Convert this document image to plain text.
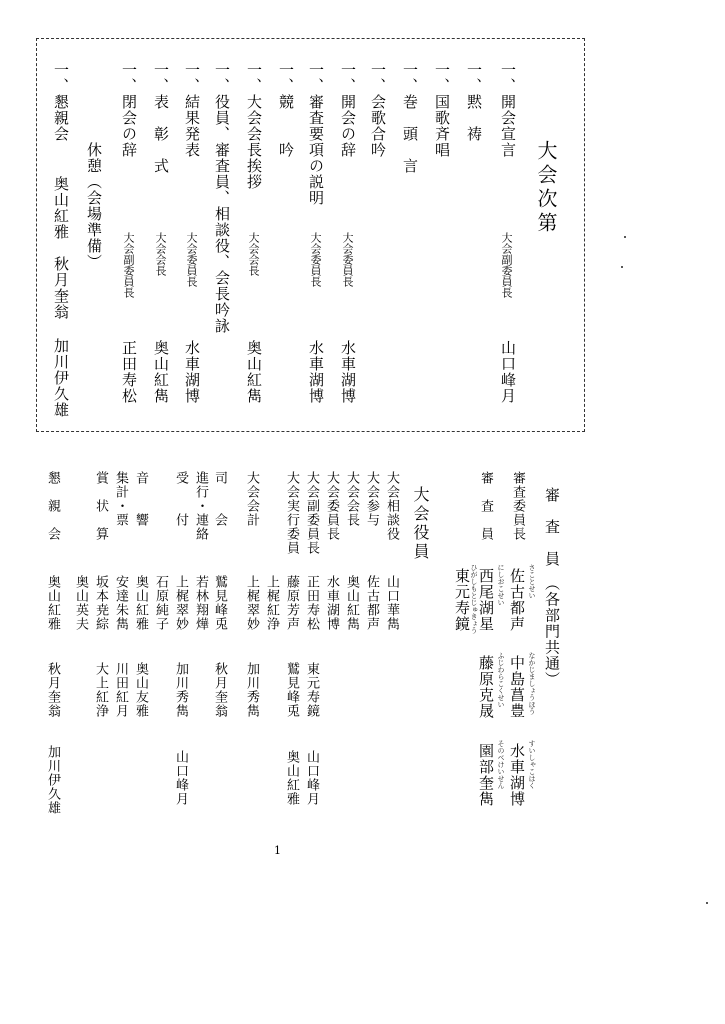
大会次第
一、開会宣言
大会副委員長
山口峰月
一、黙　祷
一、国歌斉唱
一、巻　頭　言
一、会歌合吟
一、開会の辞
大会委員長
水車湖博
一、審査要項の説明
大会委員長
水車湖博
一、競　　吟
一、大会会長挨拶
大会会長
奥山紅雋
一、役員、審査員、相談役、会長吟詠
一、結果発表
大会委員長
水車湖博
一、表　彰　式
大会会長
奥山紅雋
一、閉会の辞
大会副委員長
正田寿松
休憩（会場準備）
一、懇親会
奥山紅雅
秋月奎翁
加川伊久雄
審　査　員　（各部門共通）
審査委員長
佐古都声 さことせい
中島菖豊 なかじましょうほう
水車湖博 すいしゃこはく
審　査　員
西尾湖星 にしおこせい
藤原克晟 ふじわらこくせい
園部奎雋 そのべけいせん
東元寿鏡 ひがしもとじゅきょう
大会役員
大会相談役
山口華雋
大会参与
佐古都声
大会会長
奥山紅雋
大会委員長
水車湖博
東元寿鏡
山口峰月
大会副委員長
正田寿松
鷲見峰兎
奥山紅雅
大会実行委員
藤原芳声
上梶紅浄
大会会計
上梶翠妙
加川秀雋
司　　会
鷲見峰兎
秋月奎翁
進行・連絡
若林翔燁
受　　付
上梶翠妙
加川秀雋
山口峰月
石原純子
音　　響
奥山紅雅
奥山友雅
集計・票
安達朱雋
川田紅月
賞　状　算
坂本尭綜
大上紅浄
奥山英夫
懇　親　会
奥山紅雅
秋月奎翁
加川伊久雄
1
